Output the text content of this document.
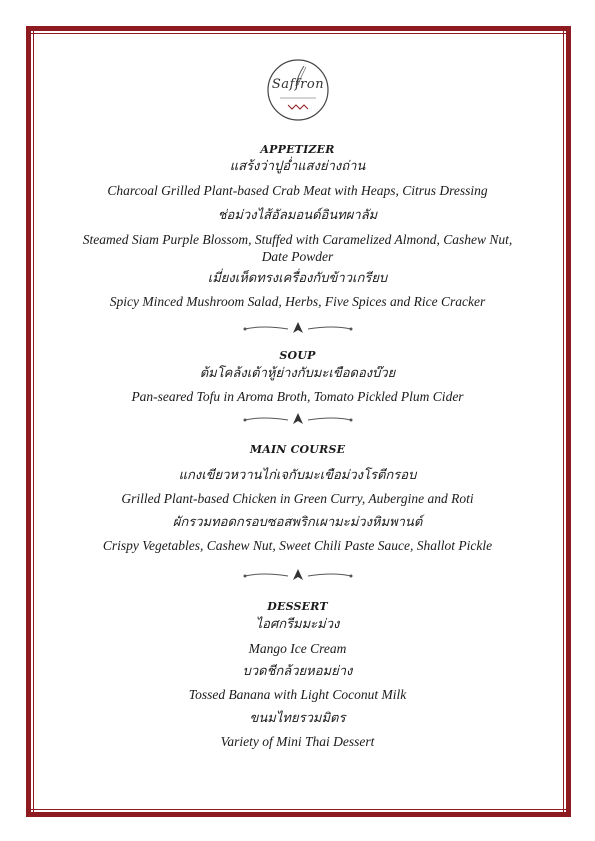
Saffron
APPETIZER
แสร้งว่าปูอ่ำแสงย่างถ่าน
Charcoal Grilled Plant-based Crab Meat with Heaps, Citrus Dressing
ช่อม่วงไส้อัลมอนด์อินทผาลัม
Steamed Siam Purple Blossom, Stuffed with Caramelized Almond, Cashew Nut,
Date Powder
เมี่ยงเห็ดทรงเครื่องกับข้าวเกรียบ
Spicy Minced Mushroom Salad, Herbs, Five Spices and Rice Cracker
SOUP
ต้มโคล้งเต้าหู้ย่างกับมะเขือดองบ๊วย
Pan-seared Tofu in Aroma Broth, Tomato Pickled Plum Cider
MAIN COURSE
แกงเขียวหวานไก่เจกับมะเขือม่วงโรตีกรอบ
Grilled Plant-based Chicken in Green Curry, Aubergine and Roti
ผักรวมทอดกรอบซอสพริกเผามะม่วงหิมพานต์
Crispy Vegetables, Cashew Nut, Sweet Chili Paste Sauce, Shallot Pickle
DESSERT
ไอศกรีมมะม่วง
Mango Ice Cream
บวดชีกล้วยหอมย่าง
Tossed Banana with Light Coconut Milk
ขนมไทยรวมมิตร
Variety of Mini Thai Dessert
